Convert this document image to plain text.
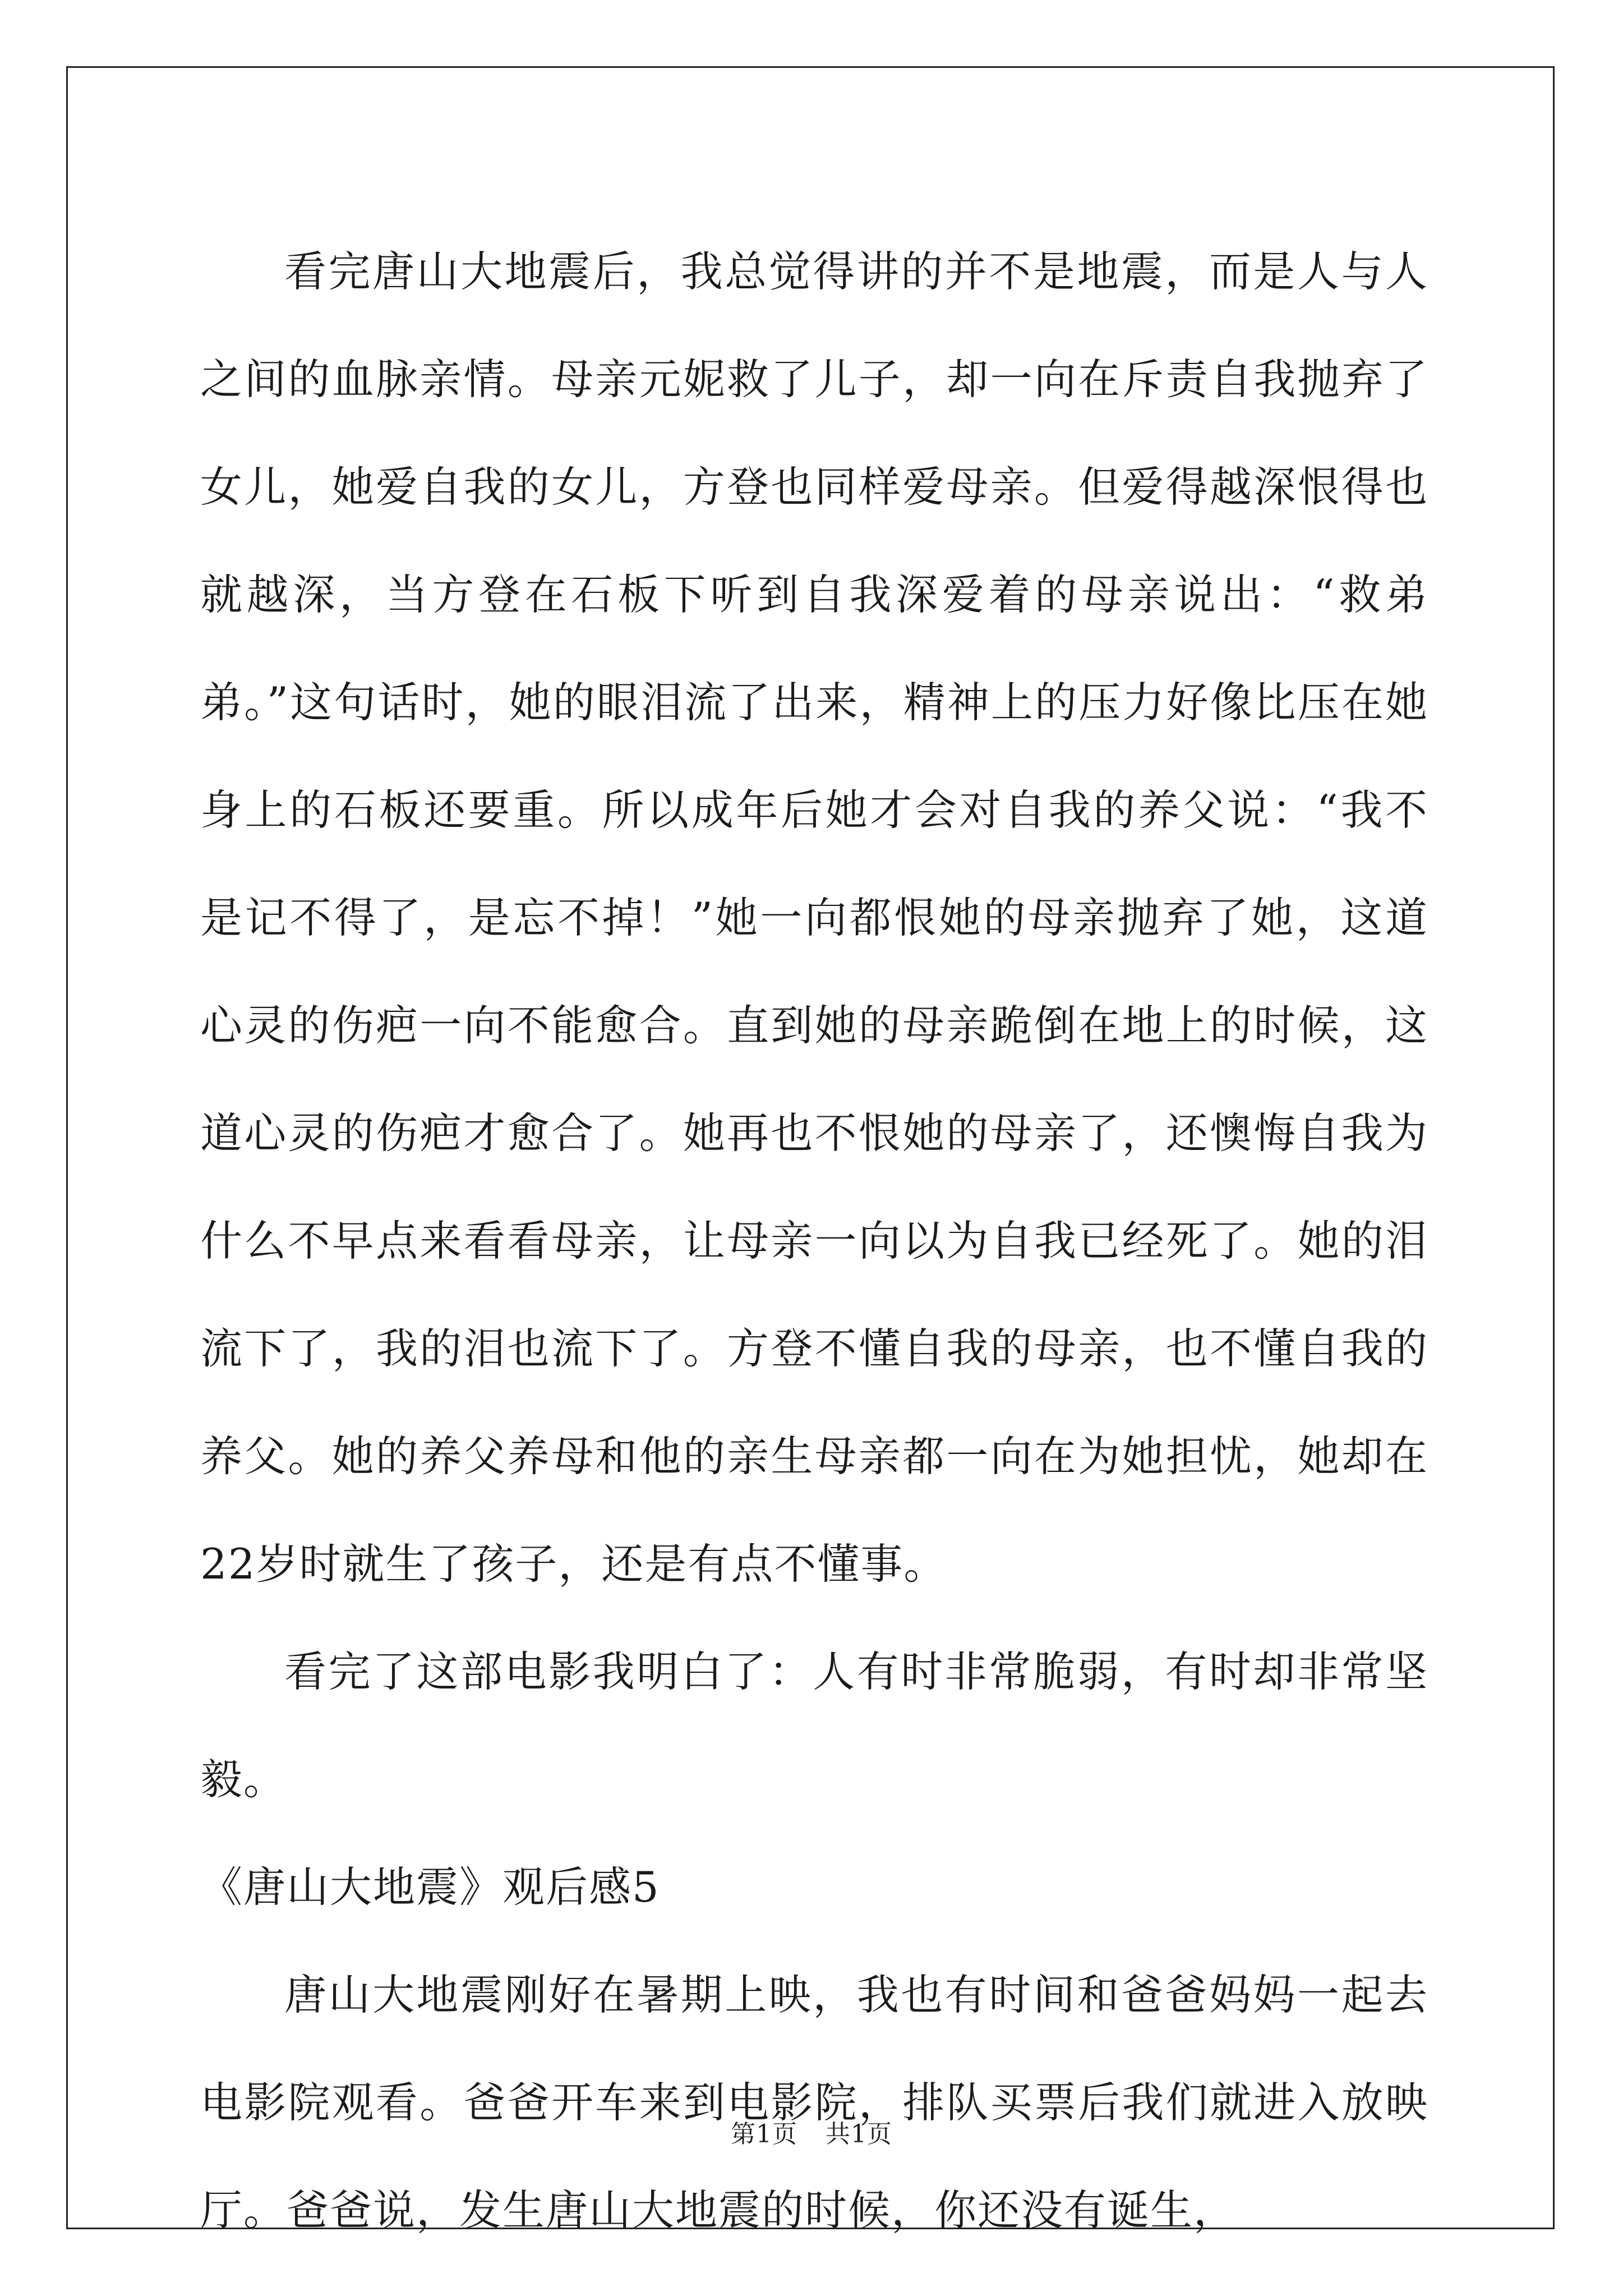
看完唐山大地震后，我总觉得讲的并不是地震，而是人与人之间的血脉亲情。母亲元妮救了儿子，却一向在斥责自我抛弃了女儿，她爱自我的女儿，方登也同样爱母亲。但爱得越深恨得也就越深，当方登在石板下听到自我深爱着的母亲说出：“救弟弟。”这句话时，她的眼泪流了出来，精神上的压力好像比压在她身上的石板还要重。所以成年后她才会对自我的养父说：“我不是记不得了，是忘不掉！”她一向都恨她的母亲抛弃了她，这道心灵的伤疤一向不能愈合。直到她的母亲跪倒在地上的时候，这道心灵的伤疤才愈合了。她再也不恨她的母亲了，还懊悔自我为什么不早点来看看母亲，让母亲一向以为自我已经死了。她的泪流下了，我的泪也流下了。方登不懂自我的母亲，也不懂自我的养父。她的养父养母和他的亲生母亲都一向在为她担忧，她却在22岁时就生了孩子，还是有点不懂事。

看完了这部电影我明白了：人有时非常脆弱，有时却非常坚毅。

《唐山大地震》观后感5

唐山大地震刚好在暑期上映，我也有时间和爸爸妈妈一起去电影院观看。爸爸开车来到电影院，排队买票后我们就进入放映厅。爸爸说，发生唐山大地震的时候，你还没有诞生，

第1页 共1页
